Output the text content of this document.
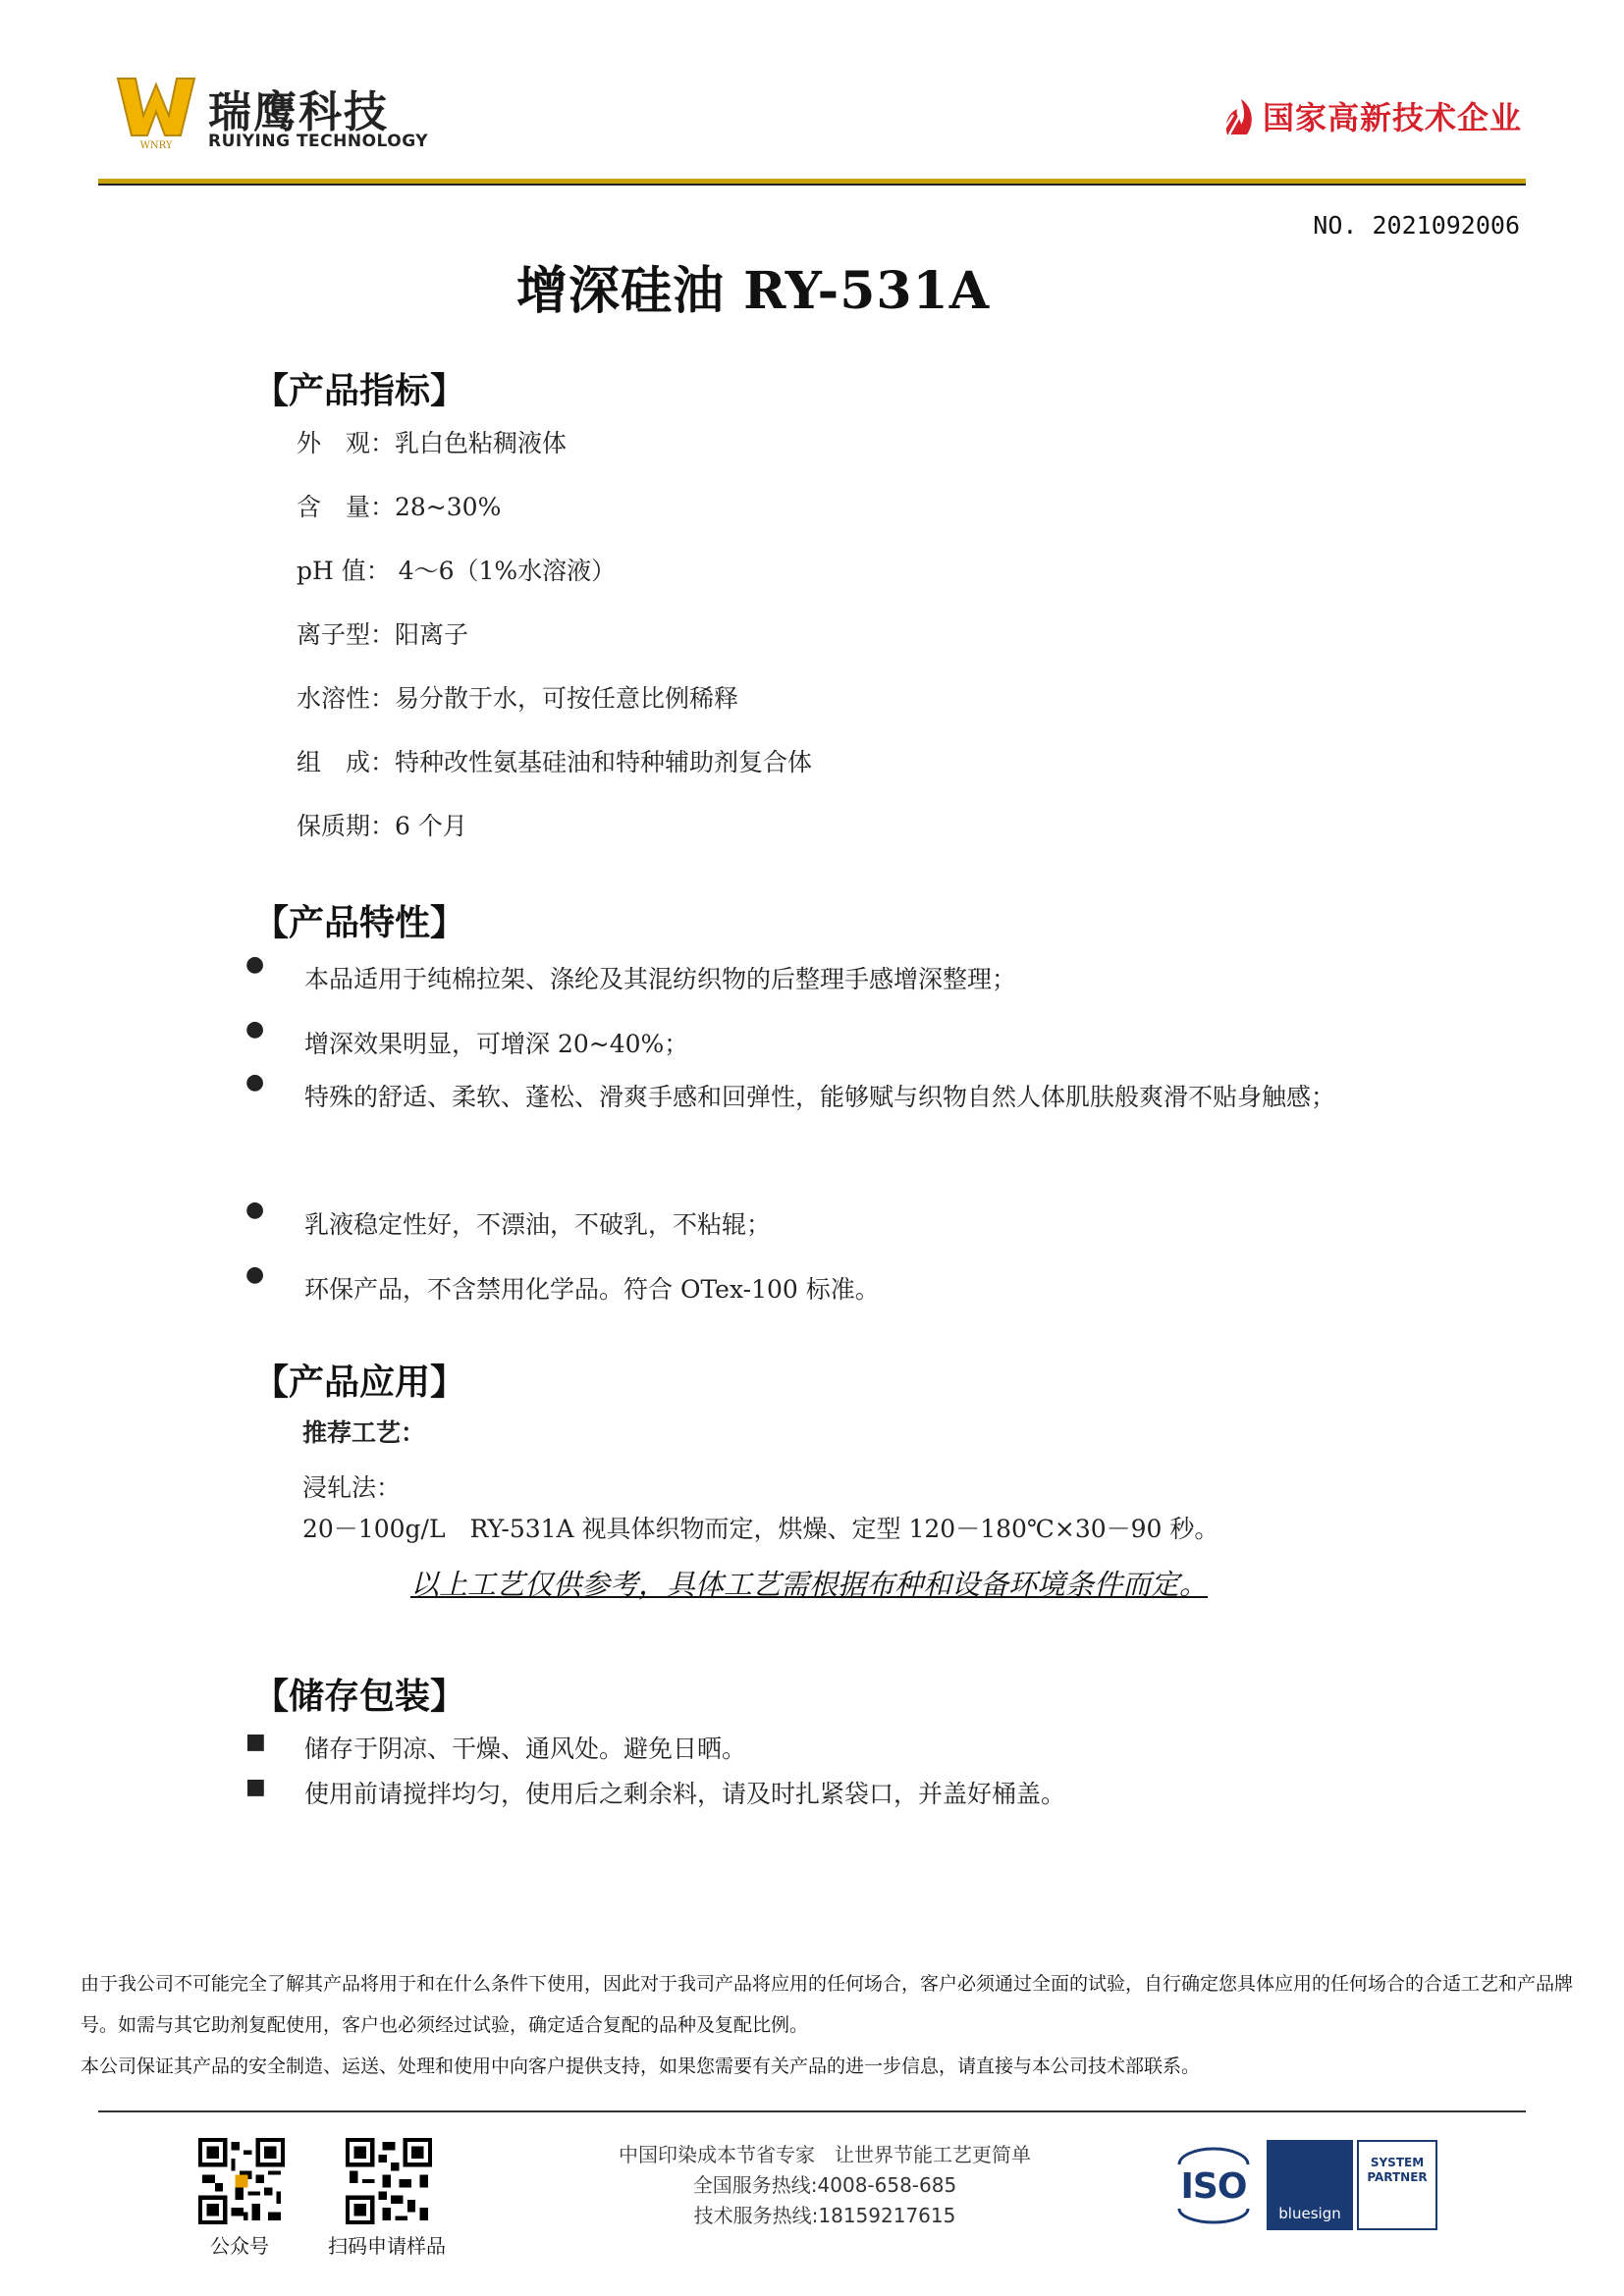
WNRY
瑞鹰科技
RUIYING TECHNOLOGY
国家高新技术企业
NO. 2021092006
增深硅油 RY-531A
【产品指标】
外　观：乳白色粘稠液体
含　量：28~30%
pH 值： 4～6（1%水溶液）
离子型：阳离子
水溶性：易分散于水，可按任意比例稀释
组　成：特种改性氨基硅油和特种辅助剂复合体
保质期：6 个月
【产品特性】
●
本品适用于纯棉拉架、涤纶及其混纺织物的后整理手感增深整理；
●
增深效果明显，可增深 20~40%；
●
特殊的舒适、柔软、蓬松、滑爽手感和回弹性，能够赋与织物自然人体肌肤般爽滑不贴身触感；
●
乳液稳定性好，不漂油，不破乳，不粘辊；
●
环保产品，不含禁用化学品。符合 OTex-100 标准。
【产品应用】
推荐工艺：
浸轧法：
20－100g/L　RY-531A 视具体织物而定，烘燥、定型 120－180℃×30－90 秒。
以上工艺仅供参考，具体工艺需根据布种和设备环境条件而定。
【储存包装】
■	储存于阴凉、干燥、通风处。避免日晒。
■	使用前请搅拌均匀，使用后之剩余料，请及时扎紧袋口，并盖好桶盖。
由于我公司不可能完全了解其产品将用于和在什么条件下使用，因此对于我司产品将应用的任何场合，客户必须通过全面的试验，自行确定您具体应用的任何场合的合适工艺和产品牌号。如需与其它助剂复配使用，客户也必须经过试验，确定适合复配的品种及复配比例。
本公司保证其产品的安全制造、运送、处理和使用中向客户提供支持，如果您需要有关产品的进一步信息，请直接与本公司技术部联系。
公众号	扫码申请样品
中国印染成本节省专家　让世界节能工艺更简单
全国服务热线:4008-658-685
技术服务热线:18159217615
ISO
bluesign
SYSTEM
PARTNER
